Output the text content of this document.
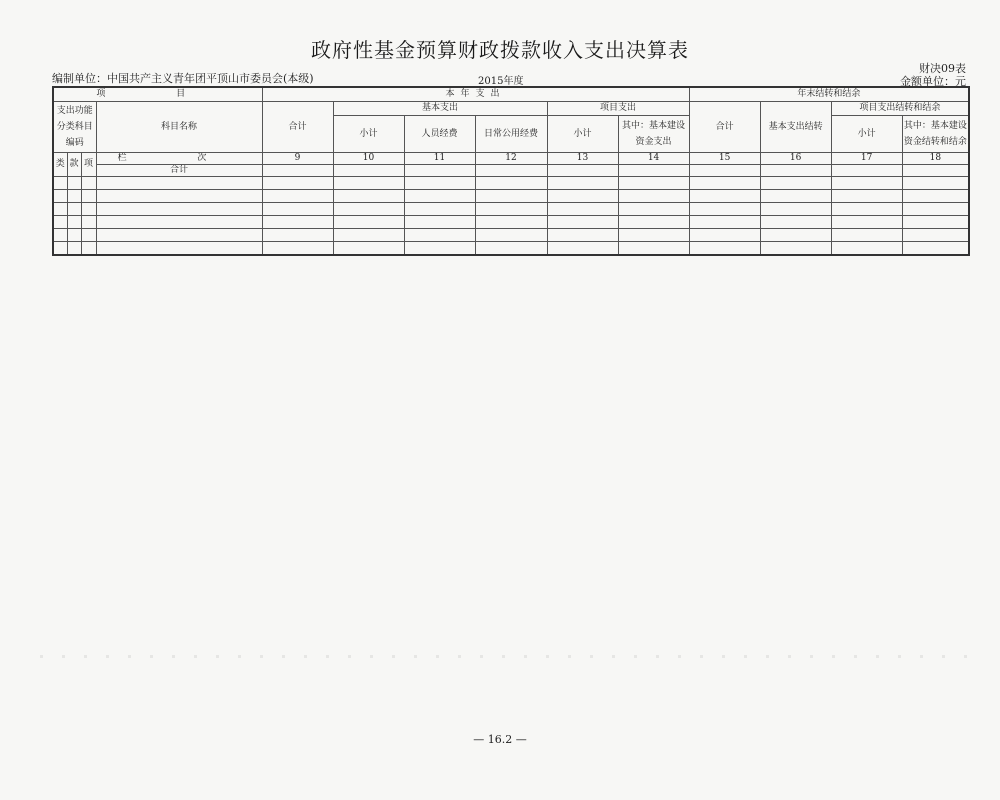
政府性基金预算财政拨款收入支出决算表
财决09表
编制单位：中国共产主义青年团平顶山市委员会(本级)	2015年度	金额单位：元
项 目				本年支出						年末结转和结余			
支出功能分类科目编码			科目名称	合计	基本支出			项目支出		合计	基本支出结转	项目支出结转和结余	
					小计	人员经费	日常公用经费	小计	其中：基本建设资金支出			小计	其中：基本建设资金结转和结余
类	款	项	栏 次	9	10	11	12	13	14	15	16	17	18
			合计										

— 16.2 —
